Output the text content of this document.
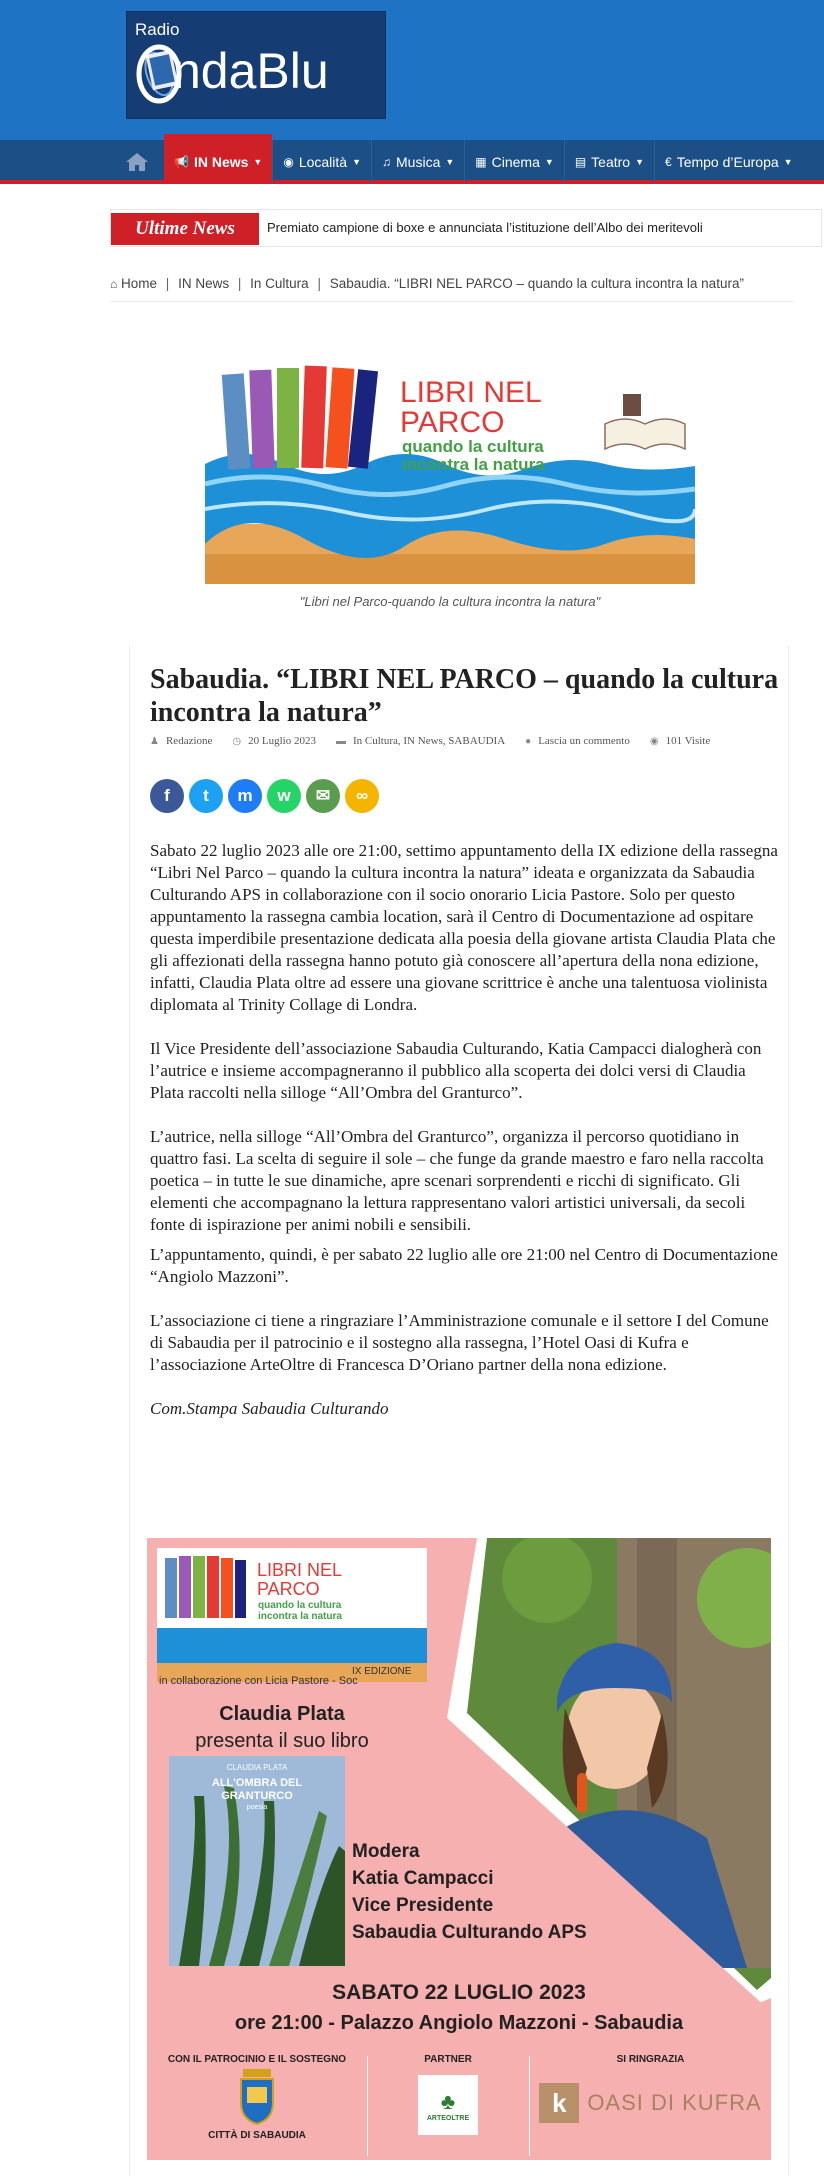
Radio
ndaBlu
📢 IN News ▼ ◉ Località ▼ ♫ Musica ▼ ▦ Cinema ▼ ▤ Teatro ▼ € Tempo d’Europa ▼
Ultime News	Premiato campione di boxe e annunciata l’istituzione dell’Albo dei meritevoli
⌂ Home | IN News | In Cultura | Sabaudia. “LIBRI NEL PARCO – quando la cultura incontra la natura”
LIBRI NEL
PARCO
quando la cultura
incontra la natura
"Libri nel Parco-quando la cultura incontra la natura"
Sabaudia. “LIBRI NEL PARCO – quando la cultura incontra la natura”
♟ Redazione ◷ 20 Luglio 2023 ▬ In Cultura, IN News, SABAUDIA ● Lascia un commento ◉ 101 Visite
f t m w ✉ ∞

Sabato 22 luglio 2023 alle ore 21:00, settimo appuntamento della IX edizione della rassegna “Libri Nel Parco – quando la cultura incontra la natura” ideata e organizzata da Sabaudia Culturando APS in collaborazione con il socio onorario Licia Pastore. Solo per questo appuntamento la rassegna cambia location, sarà il Centro di Documentazione ad ospitare questa imperdibile presentazione dedicata alla poesia della giovane artista Claudia Plata che gli affezionati della rassegna hanno potuto già conoscere all’apertura della nona edizione, infatti, Claudia Plata oltre ad essere una giovane scrittrice è anche una talentuosa violinista diplomata al Trinity Collage di Londra.

Il Vice Presidente dell’associazione Sabaudia Culturando, Katia Campacci dialogherà con l’autrice e insieme accompagneranno il pubblico alla scoperta dei dolci versi di Claudia Plata raccolti nella silloge “All’Ombra del Granturco”.

L’autrice, nella silloge “All’Ombra del Granturco”, organizza il percorso quotidiano in quattro fasi. La scelta di seguire il sole – che funge da grande maestro e faro nella raccolta poetica – in tutte le sue dinamiche, apre scenari sorprendenti e ricchi di significato. Gli elementi che accompagnano la lettura rappresentano valori artistici universali, da secoli fonte di ispirazione per animi nobili e sensibili.

L’appuntamento, quindi, è per sabato 22 luglio alle ore 21:00 nel Centro di Documentazione “Angiolo Mazzoni”.

L’associazione ci tiene a ringraziare l’Amministrazione comunale e il settore I del Comune di Sabaudia per il patrocinio e il sostegno alla rassegna, l’Hotel Oasi di Kufra e l’associazione ArteOltre di Francesca D’Oriano partner della nona edizione.

Com.Stampa Sabaudia Culturando

LIBRI NEL
PARCO
quando la cultura
incontra la natura
IX EDIZIONE
in collaborazione con Licia Pastore - Soc
Claudia Plata
presenta il suo libro
CLAUDIA PLATA
ALL'OMBRA DEL
GRANTURCO
poesia
Modera
Katia Campacci
Vice Presidente
Sabaudia Culturando APS
SABATO 22 LUGLIO 2023
ore 21:00 - Palazzo Angiolo Mazzoni - Sabaudia
CON IL PATROCINIO E IL SOSTEGNO
CITTÀ DI SABAUDIA
PARTNER
♣
ARTEOLTRE
SI RINGRAZIA
k OASI DI KUFRA
